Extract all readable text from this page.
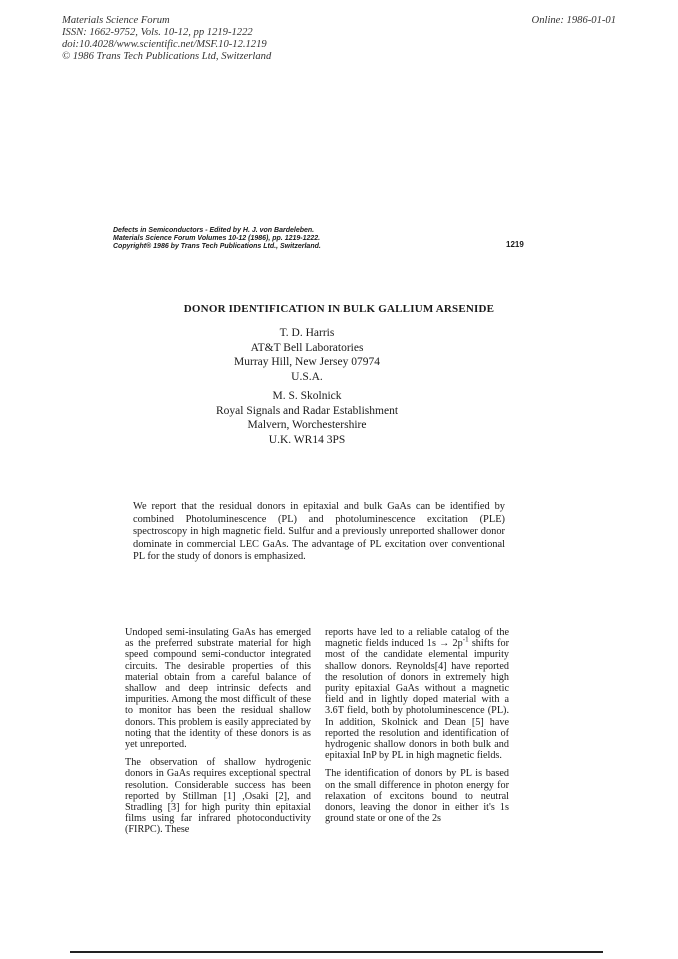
Materials Science Forum
ISSN: 1662-9752, Vols. 10-12, pp 1219-1222
doi:10.4028/www.scientific.net/MSF.10-12.1219
© 1986 Trans Tech Publications Ltd, Switzerland
Online: 1986-01-01
Defects in Semiconductors - Edited by H. J. von Bardeleben.
Materials Science Forum Volumes 10-12 (1986), pp. 1219-1222.
Copyright® 1986 by Trans Tech Publications Ltd., Switzerland.	1219
DONOR IDENTIFICATION IN BULK GALLIUM ARSENIDE
T. D. Harris
AT&T Bell Laboratories
Murray Hill, New Jersey 07974
U.S.A.
M. S. Skolnick
Royal Signals and Radar Establishment
Malvern, Worchestershire
U.K. WR14 3PS
We report that the residual donors in epitaxial and bulk GaAs can be identified by combined Photoluminescence (PL) and photoluminescence excitation (PLE) spectroscopy in high magnetic field. Sulfur and a previously unreported shallower donor dominate in commercial LEC GaAs. The advantage of PL excitation over conventional PL for the study of donors is emphasized.

Undoped semi-insulating GaAs has emerged as the preferred substrate material for high speed compound semi-conductor integrated circuits. The desirable properties of this material obtain from a careful balance of shallow and deep intrinsic defects and impurities. Among the most difficult of these to monitor has been the residual shallow donors. This problem is easily appreciated by noting that the identity of these donors is as yet unreported.

The observation of shallow hydrogenic donors in GaAs requires exceptional spectral resolution. Considerable success has been reported by Stillman [1] ,Osaki [2], and Stradling [3] for high purity thin epitaxial films using far infrared photoconductivity (FIRPC). These

reports have led to a reliable catalog of the magnetic fields induced $1s \to 2p^{-1}$ shifts for most of the candidate elemental impurity shallow donors. Reynolds[4] have reported the resolution of donors in extremely high purity epitaxial GaAs without a magnetic field and in lightly doped material with a 3.6T field, both by photoluminescence (PL). In addition, Skolnick and Dean [5] have reported the resolution and identification of hydrogenic shallow donors in both bulk and epitaxial InP by PL in high magnetic fields.

The identification of donors by PL is based on the small difference in photon energy for relaxation of excitons bound to neutral donors, leaving the donor in either it's 1s ground state or one of the 2s
